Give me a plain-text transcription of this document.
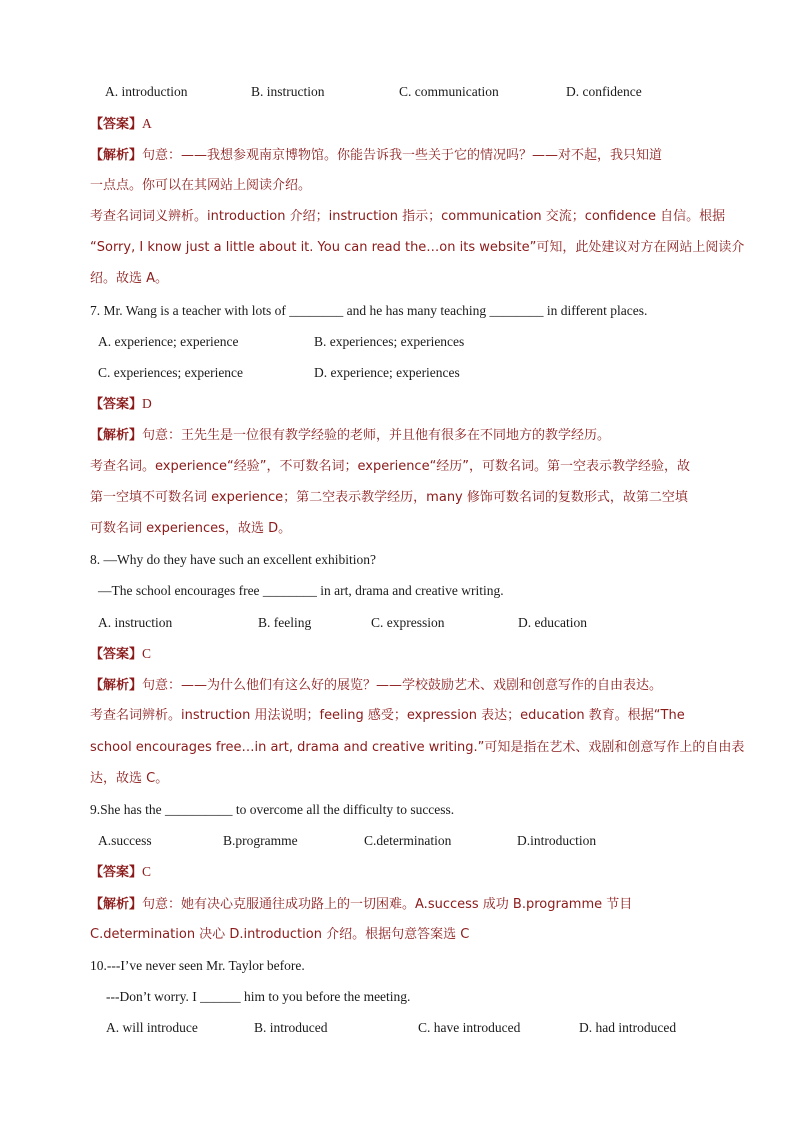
A. introduction	B. instruction	C. communication	D. confidence
【答案】A
【解析】句意：——我想参观南京博物馆。你能告诉我一些关于它的情况吗？——对不起，我只知道
一点点。你可以在其网站上阅读介绍。
考查名词词义辨析。introduction 介绍；instruction 指示；communication 交流；confidence 自信。根据
“Sorry, I know just a little about it. You can read the…on its website”可知，此处建议对方在网站上阅读介
绍。故选 A。
7. Mr. Wang is a teacher with lots of ________ and he has many teaching ________ in different places.
A. experience; experience	B. experiences; experiences
C. experiences; experience	D. experience; experiences
【答案】D
【解析】句意：王先生是一位很有教学经验的老师，并且他有很多在不同地方的教学经历。
考查名词。experience“经验”，不可数名词；experience“经历”，可数名词。第一空表示教学经验，故
第一空填不可数名词 experience；第二空表示教学经历，many 修饰可数名词的复数形式，故第二空填
可数名词 experiences，故选 D。
8. —Why do they have such an excellent exhibition?
—The school encourages free ________ in art, drama and creative writing.
A. instruction	B. feeling	C. expression	D. education
【答案】C
【解析】句意：——为什么他们有这么好的展览？——学校鼓励艺术、戏剧和创意写作的自由表达。
考查名词辨析。instruction 用法说明；feeling 感受；expression 表达；education 教育。根据“The
school encourages free…in art, drama and creative writing.”可知是指在艺术、戏剧和创意写作上的自由表
达，故选 C。
9.She has the __________ to overcome all the difficulty to success.
A.success	B.programme	C.determination	D.introduction
【答案】C
【解析】句意：她有决心克服通往成功路上的一切困难。A.success 成功 B.programme 节目
C.determination 决心 D.introduction 介绍。根据句意答案选 C
10.---I’ve never seen Mr. Taylor before.
---Don’t worry. I ______ him to you before the meeting.
A. will introduce	B. introduced	C. have introduced	D. had introduced
